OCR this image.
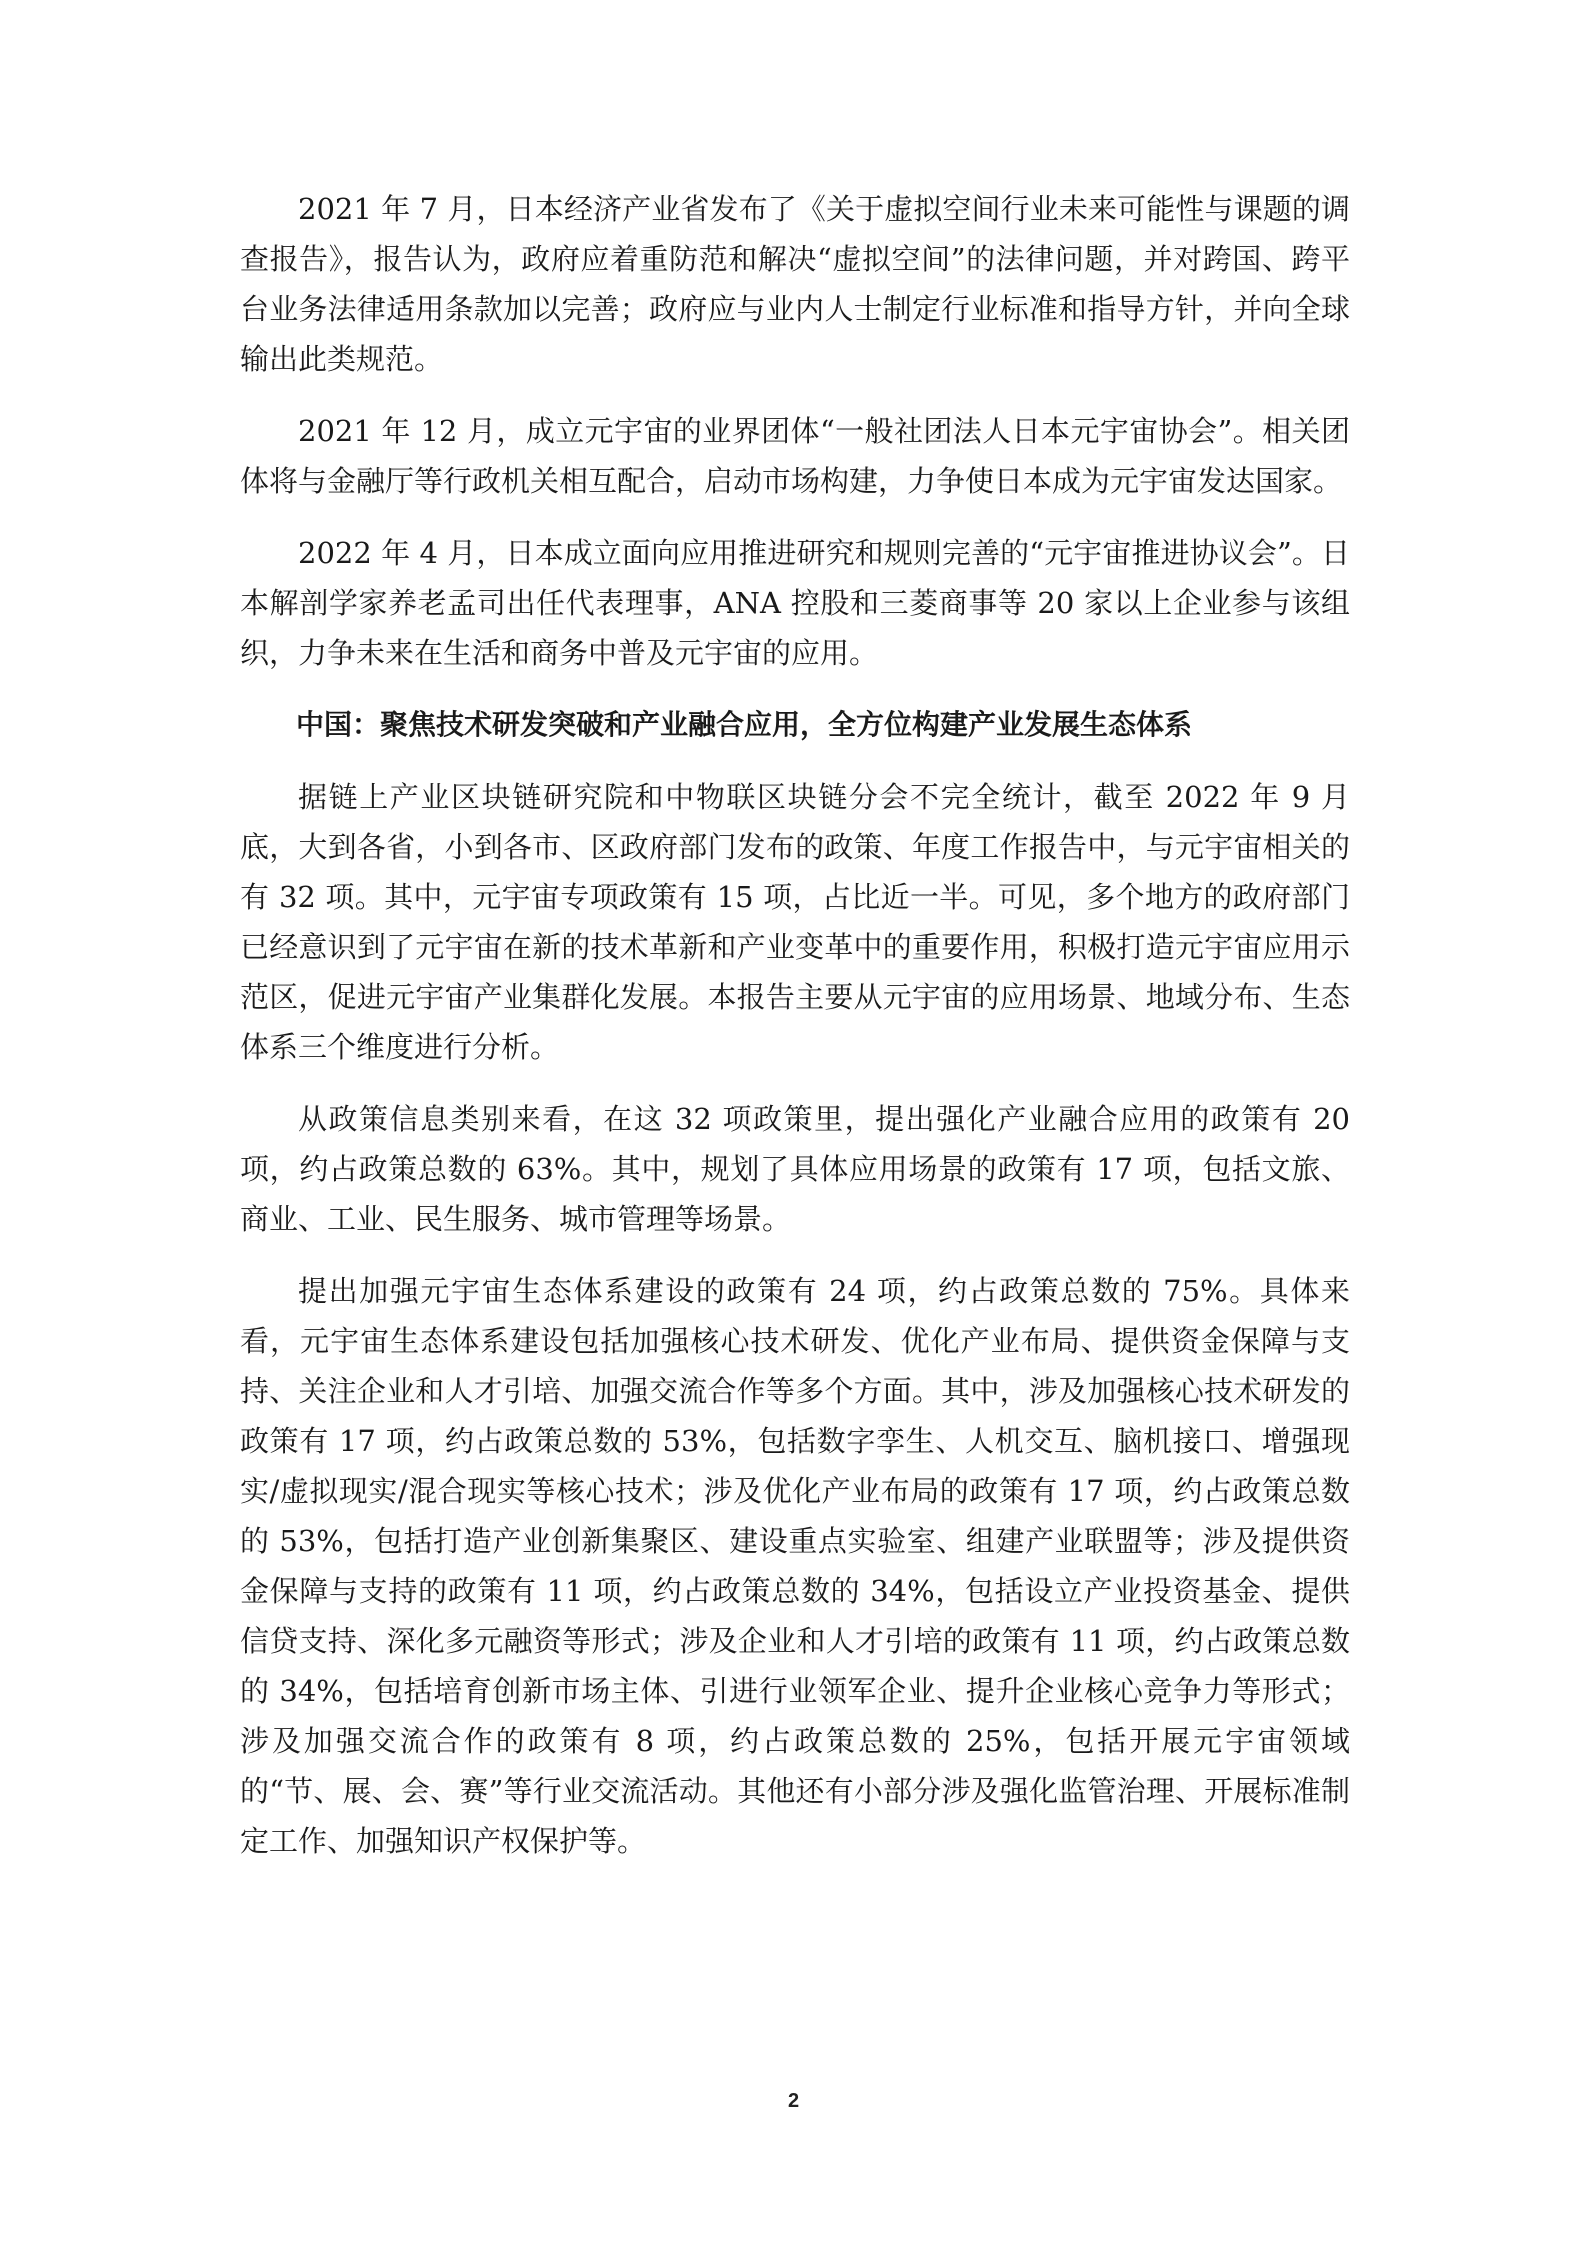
2021 年 7 月，日本经济产业省发布了《关于虚拟空间行业未来可能性与课题的调查报告》，报告认为，政府应着重防范和解决“虚拟空间”的法律问题，并对跨国、跨平台业务法律适用条款加以完善；政府应与业内人士制定行业标准和指导方针，并向全球输出此类规范。

2021 年 12 月，成立元宇宙的业界团体“一般社团法人日本元宇宙协会”。相关团体将与金融厅等行政机关相互配合，启动市场构建，力争使日本成为元宇宙发达国家。

2022 年 4 月，日本成立面向应用推进研究和规则完善的“元宇宙推进协议会”。日本解剖学家养老孟司出任代表理事，ANA 控股和三菱商事等 20 家以上企业参与该组织，力争未来在生活和商务中普及元宇宙的应用。

中国：聚焦技术研发突破和产业融合应用，全方位构建产业发展生态体系

据链上产业区块链研究院和中物联区块链分会不完全统计，截至 2022 年 9 月底，大到各省，小到各市、区政府部门发布的政策、年度工作报告中，与元宇宙相关的有 32 项。其中，元宇宙专项政策有 15 项，占比近一半。可见，多个地方的政府部门已经意识到了元宇宙在新的技术革新和产业变革中的重要作用，积极打造元宇宙应用示范区，促进元宇宙产业集群化发展。本报告主要从元宇宙的应用场景、地域分布、生态体系三个维度进行分析。

从政策信息类别来看，在这 32 项政策里，提出强化产业融合应用的政策有 20 项，约占政策总数的 63%。其中，规划了具体应用场景的政策有 17 项，包括文旅、商业、工业、民生服务、城市管理等场景。

提出加强元宇宙生态体系建设的政策有 24 项，约占政策总数的 75%。具体来看，元宇宙生态体系建设包括加强核心技术研发、优化产业布局、提供资金保障与支持、关注企业和人才引培、加强交流合作等多个方面。其中，涉及加强核心技术研发的政策有 17 项，约占政策总数的 53%，包括数字孪生、人机交互、脑机接口、增强现实/虚拟现实/混合现实等核心技术；涉及优化产业布局的政策有 17 项，约占政策总数的 53%，包括打造产业创新集聚区、建设重点实验室、组建产业联盟等；涉及提供资金保障与支持的政策有 11 项，约占政策总数的 34%，包括设立产业投资基金、提供信贷支持、深化多元融资等形式；涉及企业和人才引培的政策有 11 项，约占政策总数的 34%，包括培育创新市场主体、引进行业领军企业、提升企业核心竞争力等形式；涉及加强交流合作的政策有 8 项，约占政策总数的 25%，包括开展元宇宙领域的“节、展、会、赛”等行业交流活动。其他还有小部分涉及强化监管治理、开展标准制定工作、加强知识产权保护等。

2
